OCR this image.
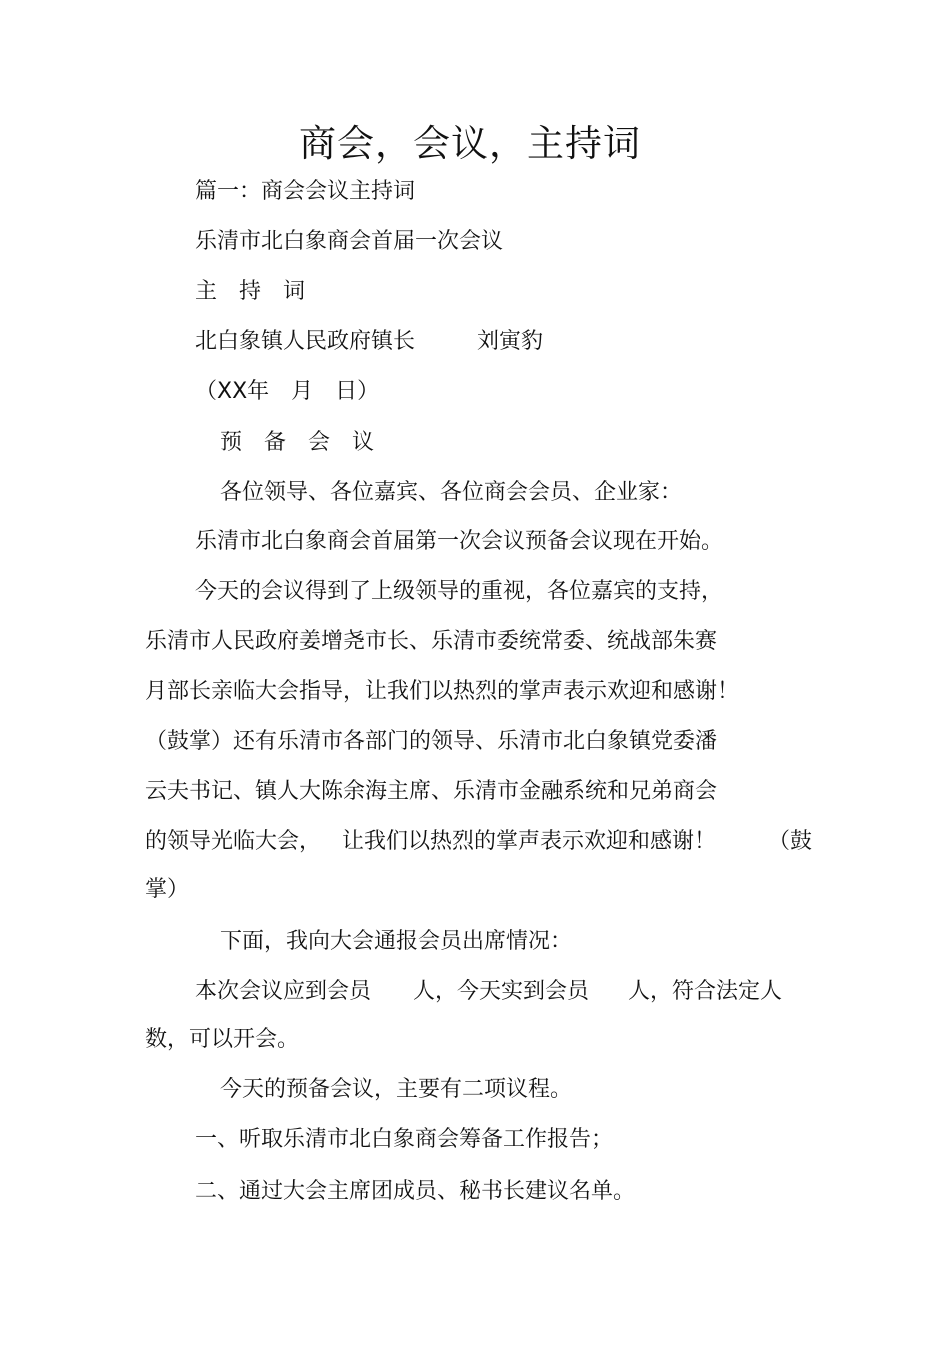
商会，会议，主持词
篇一：商会会议主持词
乐清市北白象商会首届一次会议
主　持　词
北白象镇人民政府镇长	刘寅豹
（XX年　月　日）
预　备　会　议
各位领导、各位嘉宾、各位商会会员、企业家：
乐清市北白象商会首届第一次会议预备会议现在开始。
今天的会议得到了上级领导的重视，各位嘉宾的支持，
乐清市人民政府姜增尧市长、乐清市委统常委、统战部朱赛
月部长亲临大会指导，让我们以热烈的掌声表示欢迎和感谢！
（鼓掌）还有乐清市各部门的领导、乐清市北白象镇党委潘
云夫书记、镇人大陈余海主席、乐清市金融系统和兄弟商会
的领导光临大会， 让我们以热烈的掌声表示欢迎和感谢！ （鼓
掌）
下面，我向大会通报会员出席情况：
本次会议应到会员 人，今天实到会员 人，符合法定人
数，可以开会。
今天的预备会议，主要有二项议程。
一、听取乐清市北白象商会筹备工作报告；
二、通过大会主席团成员、秘书长建议名单。
